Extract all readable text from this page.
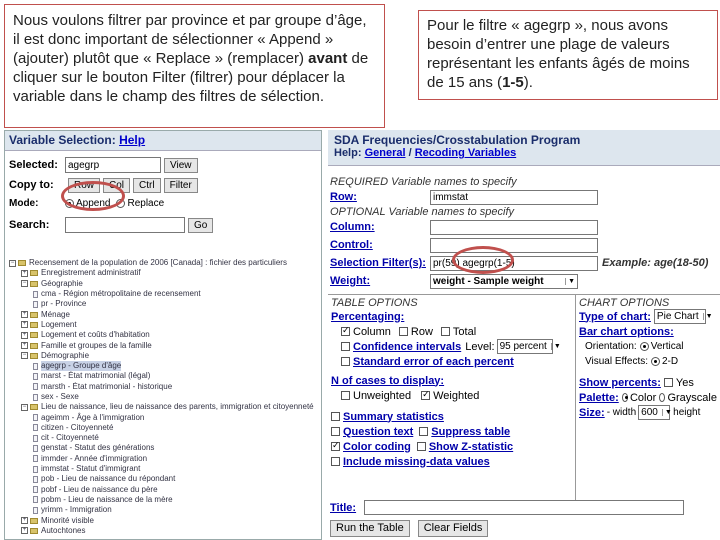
Nous voulons filtrer par province et par groupe d’âge, il est donc important de sélectionner « Append » (ajouter) plutôt que « Replace » (remplacer) avant de cliquer sur le bouton Filter (filtrer) pour déplacer la variable dans le champ des filtres de sélection.
Pour le filtre « agegrp », nous avons besoin d’entrer une plage de valeurs représentant les enfants âgés de moins de 15 ans (1-5).
Variable Selection: Help
Selected:
agegrp	View
Copy to:	Row	Col	Ctrl	Filter
Mode:	Append Replace
Search:	Go
− Recensement de la population de 2006 [Canada] : fichier des particuliers
+ Enregistrement administratif
− Géographie
cma - Région métropolitaine de recensement
pr - Province
+ Ménage
+ Logement
+ Logement et coûts d'habitation
+ Famille et groupes de la famille
− Démographie
agegrp - Groupe d'âge
marst - État matrimonial (légal)
marsth - État matrimonial - historique
sex - Sexe
− Lieu de naissance, lieu de naissance des parents, immigration et citoyenneté
ageimm - Âge à l'immigration
citizen - Citoyenneté
cit - Citoyenneté
genstat - Statut des générations
immder - Année d'immigration
immstat - Statut d'immigrant
pob - Lieu de naissance du répondant
pobf - Lieu de naissance du père
pobm - Lieu de naissance de la mère
yrimm - Immigration
+ Minorité visible
+ Autochtones
SDA Frequencies/Crosstabulation Program
Help: General / Recoding Variables
REQUIRED Variable names to specify
Row:
immstat
OPTIONAL Variable names to specify
Column:
Control:
Selection Filter(s):
pr(59) agegrp(1-5)	Example: age(18-50)
Weight:	weight - Sample weight	▼
TABLE OPTIONS
Percentaging:
✓
Column Row Total
Confidence intervals Level: 95 percent	▼
Standard error of each percent
N of cases to display:
Unweighted
✓ Weighted
Summary statistics
Question text Suppress table
✓
Color coding Show Z-statistic
Include missing-data values
CHART OPTIONS
Type of chart: Pie Chart	▼
Bar chart options:
Orientation: Vertical
Visual Effects: 2-D
Show percents: Yes
Palette: Color Grayscale
Size: - width 600	▼ height
Title:
Run the Table	Clear Fields
